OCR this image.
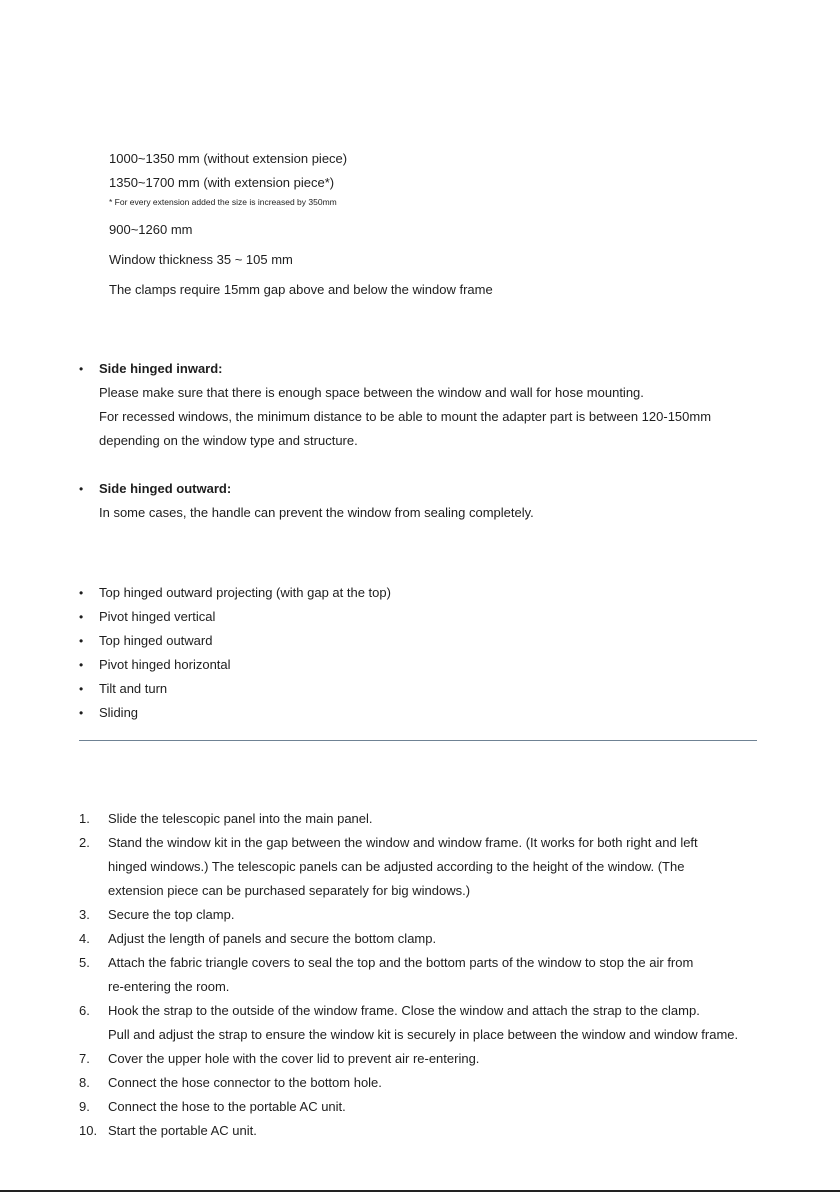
1000~1350 mm (without extension piece)
1350~1700 mm (with extension piece*)
* For every extension added the size is increased by 350mm
900~1260 mm
Window thickness 35 ~ 105 mm
The clamps require 15mm gap above and below the window frame
•	Side hinged inward:
Please make sure that there is enough space between the window and wall for hose mounting.
For recessed windows, the minimum distance to be able to mount the adapter part is between 120-150mm
depending on the window type and structure.
•	Side hinged outward:
In some cases, the handle can prevent the window from sealing completely.
•	Top hinged outward projecting (with gap at the top)
•	Pivot hinged vertical
•	Top hinged outward
•	Pivot hinged horizontal
•	Tilt and turn
•	Sliding
1. Slide the telescopic panel into the main panel.
2. Stand the window kit in the gap between the window and window frame. (It works for both right and left
hinged windows.) The telescopic panels can be adjusted according to the height of the window. (The
extension piece can be purchased separately for big windows.)
3. Secure the top clamp.
4. Adjust the length of panels and secure the bottom clamp.
5. Attach the fabric triangle covers to seal the top and the bottom parts of the window to stop the air from
re-entering the room.
6. Hook the strap to the outside of the window frame. Close the window and attach the strap to the clamp.
Pull and adjust the strap to ensure the window kit is securely in place between the window and window frame.
7. Cover the upper hole with the cover lid to prevent air re-entering.
8. Connect the hose connector to the bottom hole.
9. Connect the hose to the portable AC unit.
10. Start the portable AC unit.
